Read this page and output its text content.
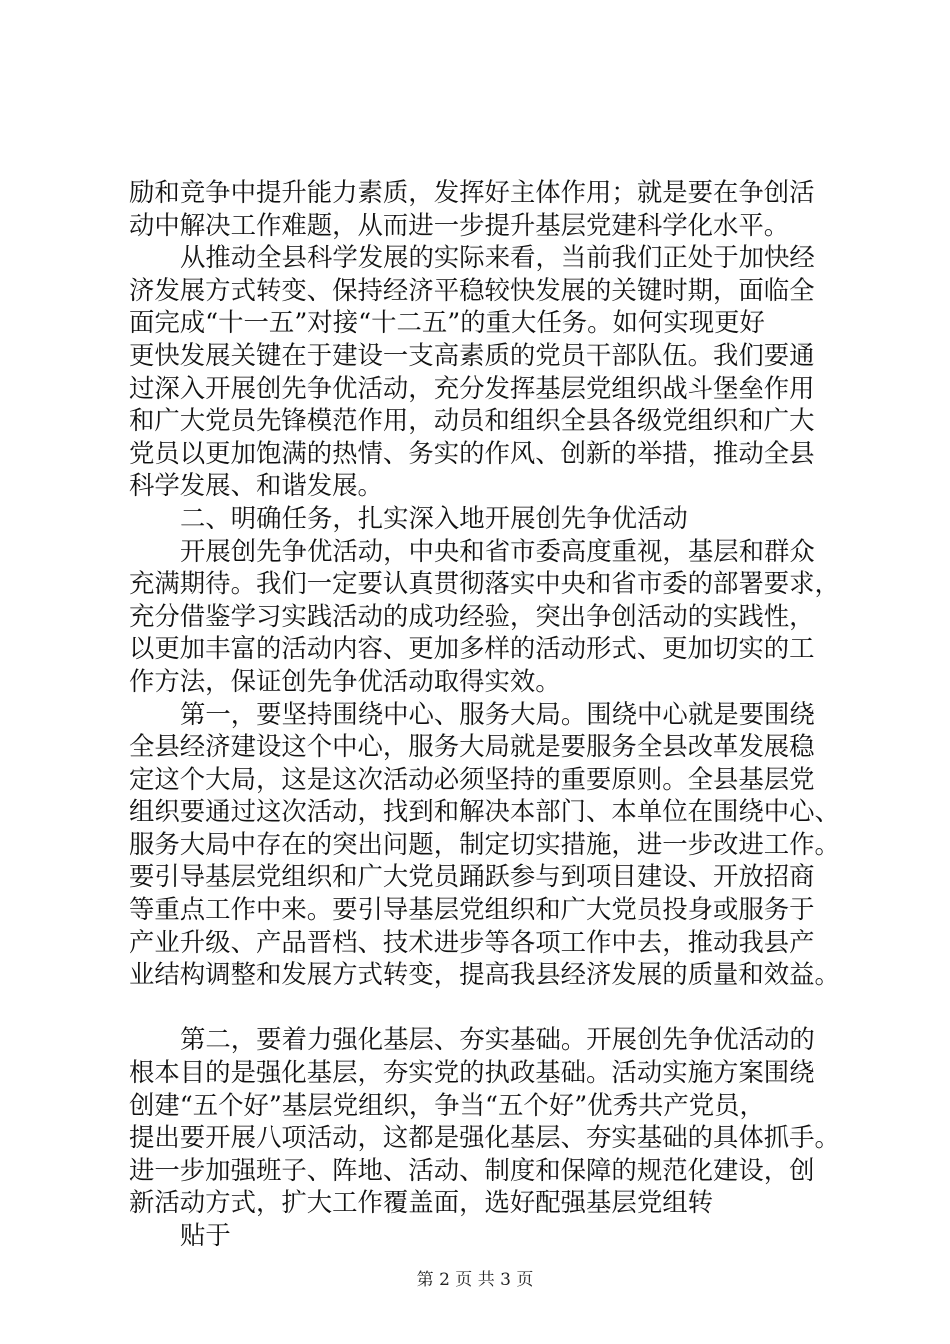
励和竞争中提升能力素质，发挥好主体作用；就是要在争创活
动中解决工作难题，从而进一步提升基层党建科学化水平。
从推动全县科学发展的实际来看，当前我们正处于加快经
济发展方式转变、保持经济平稳较快发展的关键时期，面临全
面完成“十一五”对接“十二五”的重大任务。如何实现更好
更快发展关键在于建设一支高素质的党员干部队伍。我们要通
过深入开展创先争优活动，充分发挥基层党组织战斗堡垒作用
和广大党员先锋模范作用，动员和组织全县各级党组织和广大
党员以更加饱满的热情、务实的作风、创新的举措，推动全县
科学发展、和谐发展。
二、明确任务，扎实深入地开展创先争优活动
开展创先争优活动，中央和省市委高度重视，基层和群众
充满期待。我们一定要认真贯彻落实中央和省市委的部署要求，
充分借鉴学习实践活动的成功经验，突出争创活动的实践性，
以更加丰富的活动内容、更加多样的活动形式、更加切实的工
作方法，保证创先争优活动取得实效。
第一，要坚持围绕中心、服务大局。围绕中心就是要围绕
全县经济建设这个中心，服务大局就是要服务全县改革发展稳
定这个大局，这是这次活动必须坚持的重要原则。全县基层党
组织要通过这次活动，找到和解决本部门、本单位在围绕中心、
服务大局中存在的突出问题，制定切实措施，进一步改进工作。
要引导基层党组织和广大党员踊跃参与到项目建设、开放招商
等重点工作中来。要引导基层党组织和广大党员投身或服务于
产业升级、产品晋档、技术进步等各项工作中去，推动我县产
业结构调整和发展方式转变，提高我县经济发展的质量和效益。
第二，要着力强化基层、夯实基础。开展创先争优活动的
根本目的是强化基层，夯实党的执政基础。活动实施方案围绕
创建“五个好”基层党组织，争当“五个好”优秀共产党员，
提出要开展八项活动，这都是强化基层、夯实基础的具体抓手。
进一步加强班子、阵地、活动、制度和保障的规范化建设，创
新活动方式，扩大工作覆盖面，选好配强基层党组转
贴于
第 2 页 共 3 页
